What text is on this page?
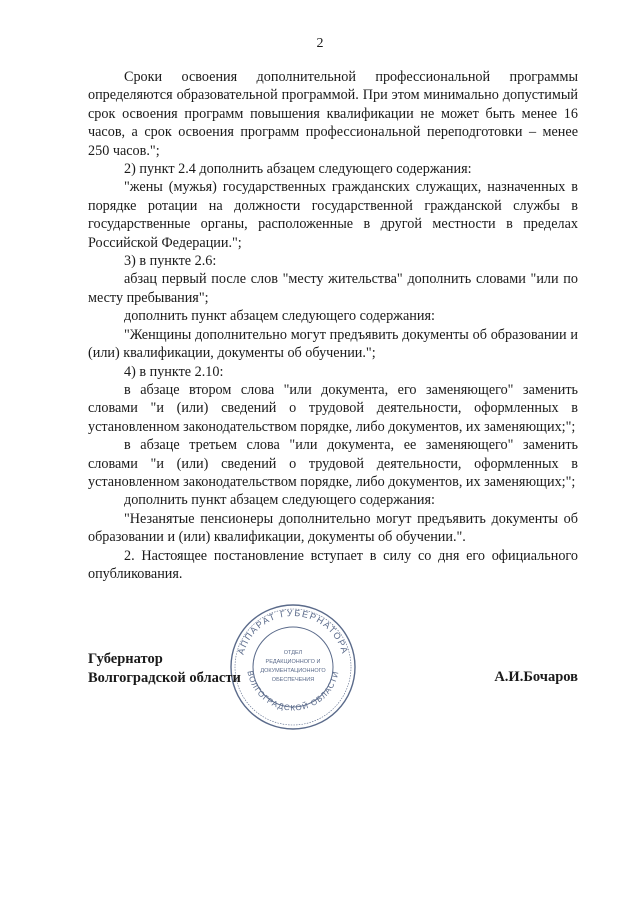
2

Сроки освоения дополнительной профессиональной программы определяются образовательной программой. При этом минимально допустимый срок освоения программ повышения квалификации не может быть менее 16 часов, а срок освоения программ профессиональной переподготовки – менее 250 часов.";

2) пункт 2.4 дополнить абзацем следующего содержания:

"жены (мужья) государственных гражданских служащих, назначенных в порядке ротации на должности государственной гражданской службы в государственные органы, расположенные в другой местности в пределах Российской Федерации.";

3) в пункте 2.6:

абзац первый после слов "месту жительства" дополнить словами "или по месту пребывания";

дополнить пункт абзацем следующего содержания:

"Женщины дополнительно могут предъявить документы об образовании и (или) квалификации, документы об обучении.";

4) в пункте 2.10:

в абзаце втором слова "или документа, его заменяющего" заменить словами "и (или) сведений о трудовой деятельности, оформленных в установленном законодательством порядке, либо документов, их заменяющих;";

в абзаце третьем слова "или документа, ее заменяющего" заменить словами "и (или) сведений о трудовой деятельности, оформленных в установленном законодательством порядке, либо документов, их заменяющих;";

дополнить пункт абзацем следующего содержания:

"Незанятые пенсионеры дополнительно могут предъявить документы об образовании и (или) квалификации, документы об обучении.".

2. Настоящее постановление вступает в силу со дня его официального опубликования.

АППАРАТ ГУБЕРНАТОРА
ВОЛГОГРАДСКОЙ ОБЛАСТИ
ОТДЕЛ
РЕДАКЦИОННОГО И
ДОКУМЕНТАЦИОННОГО
ОБЕСПЕЧЕНИЯ
Губернатор
Волгоградской области	А.И.Бочаров
